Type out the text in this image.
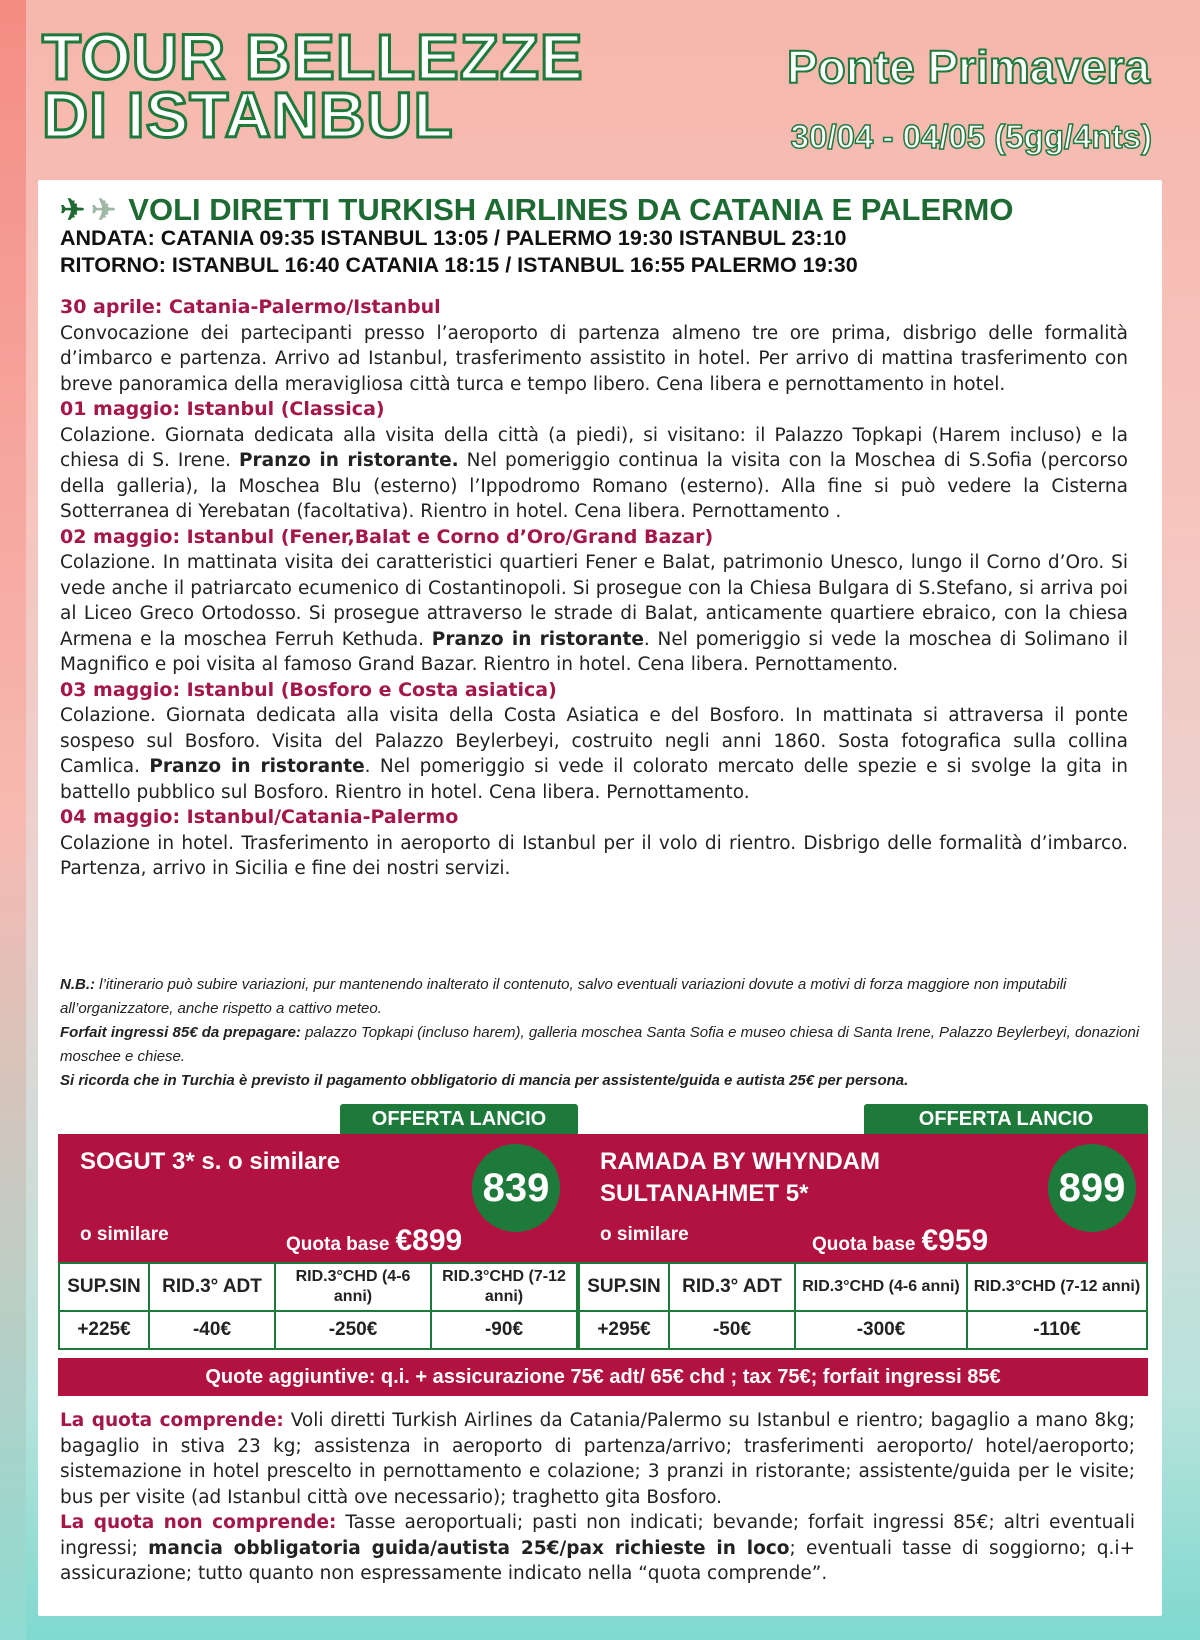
TOUR BELLEZZE
DI ISTANBUL
Ponte Primavera
30/04 - 04/05 (5gg/4nts)
✈ ✈ VOLI DIRETTI TURKISH AIRLINES DA CATANIA E PALERMO
ANDATA: CATANIA 09:35 ISTANBUL 13:05 / PALERMO 19:30 ISTANBUL 23:10
RITORNO: ISTANBUL 16:40 CATANIA 18:15 / ISTANBUL 16:55 PALERMO 19:30
30 aprile: Catania-Palermo/Istanbul

Convocazione dei partecipanti presso l’aeroporto di partenza almeno tre ore prima, disbrigo delle formalità d’imbarco e partenza. Arrivo ad Istanbul, trasferimento assistito in hotel. Per arrivo di mattina trasferimento con breve panoramica della meravigliosa città turca e tempo libero. Cena libera e pernottamento in hotel.

01 maggio: Istanbul (Classica)

Colazione. Giornata dedicata alla visita della città (a piedi), si visitano: il Palazzo Topkapi (Harem incluso) e la chiesa di S. Irene. Pranzo in ristorante. Nel pomeriggio continua la visita con la Moschea di S.Sofia (percorso della galleria), la Moschea Blu (esterno) l’Ippodromo Romano (esterno). Alla fine si può vedere la Cisterna Sotterranea di Yerebatan (facoltativa). Rientro in hotel. Cena libera. Pernottamento .

02 maggio: Istanbul (Fener,Balat e Corno d’Oro/Grand Bazar)

Colazione. In mattinata visita dei caratteristici quartieri Fener e Balat, patrimonio Unesco, lungo il Corno d’Oro. Si vede anche il patriarcato ecumenico di Costantinopoli. Si prosegue con la Chiesa Bulgara di S.Stefano, si arriva poi al Liceo Greco Ortodosso. Si prosegue attraverso le strade di Balat, anticamente quartiere ebraico, con la chiesa Armena e la moschea Ferruh Kethuda. Pranzo in ristorante. Nel pomeriggio si vede la moschea di Solimano il Magnifico e poi visita al famoso Grand Bazar. Rientro in hotel. Cena libera. Pernottamento.

03 maggio: Istanbul (Bosforo e Costa asiatica)

Colazione. Giornata dedicata alla visita della Costa Asiatica e del Bosforo. In mattinata si attraversa il ponte sospeso sul Bosforo. Visita del Palazzo Beylerbeyi, costruito negli anni 1860. Sosta fotografica sulla collina Camlica. Pranzo in ristorante. Nel pomeriggio si vede il colorato mercato delle spezie e si svolge la gita in battello pubblico sul Bosforo. Rientro in hotel. Cena libera. Pernottamento.

04 maggio: Istanbul/Catania-Palermo

Colazione in hotel. Trasferimento in aeroporto di Istanbul per il volo di rientro. Disbrigo delle formalità d’imbarco. Partenza, arrivo in Sicilia e fine dei nostri servizi.

N.B.: l’itinerario può subire variazioni, pur mantenendo inalterato il contenuto, salvo eventuali variazioni dovute a motivi di forza maggiore non imputabili all’organizzatore, anche rispetto a cattivo meteo.
Forfait ingressi 85€ da prepagare: palazzo Topkapi (incluso harem), galleria moschea Santa Sofia e museo chiesa di Santa Irene, Palazzo Beylerbeyi, donazioni moschee e chiese.
Si ricorda che in Turchia è previsto il pagamento obbligatorio di mancia per assistente/guida e autista 25€ per persona.
OFFERTA LANCIO
SOGUT 3* s. o similare
o similare	Quota base €899
839
SUP.SIN	RID.3° ADT	RID.3°CHD (4-6 anni)	RID.3°CHD (7-12 anni)
+225€	-40€	-250€	-90€
OFFERTA LANCIO
RAMADA BY WHYNDAM
SULTANAHMET 5*
o similare	Quota base €959
899
SUP.SIN	RID.3° ADT	RID.3°CHD (4-6 anni)	RID.3°CHD (7-12 anni)
+295€	-50€	-300€	-110€
Quote aggiuntive: q.i. + assicurazione 75€ adt/ 65€ chd ; tax 75€; forfait ingressi 85€

La quota comprende: Voli diretti Turkish Airlines da Catania/Palermo su Istanbul e rientro; bagaglio a mano 8kg; bagaglio in stiva 23 kg; assistenza in aeroporto di partenza/arrivo; trasferimenti aeroporto/ hotel/aeroporto; sistemazione in hotel prescelto in pernottamento e colazione; 3 pranzi in ristorante; assistente/guida per le visite; bus per visite (ad Istanbul città ove necessario); traghetto gita Bosforo.

La quota non comprende: Tasse aeroportuali; pasti non indicati; bevande; forfait ingressi 85€; altri eventuali ingressi; mancia obbligatoria guida/autista 25€/pax richieste in loco; eventuali tasse di soggiorno; q.i+ assicurazione; tutto quanto non espressamente indicato nella “quota comprende”.
